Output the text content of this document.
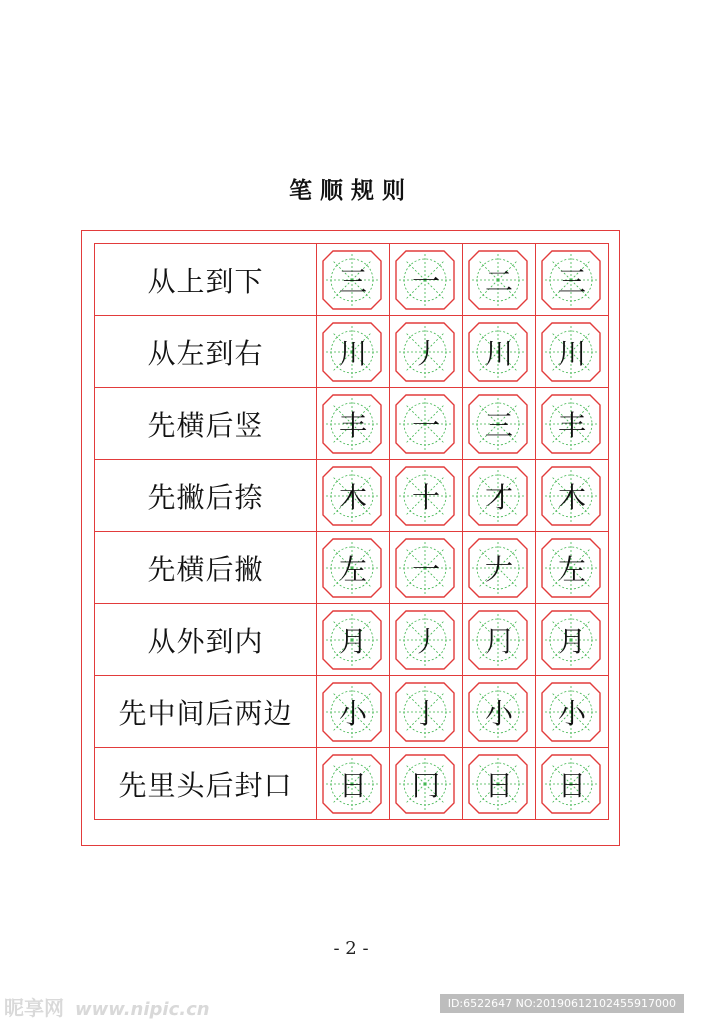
笔顺规则
从上到下	三	一	二	三

从左到右	川	丿	川	川

先横后竖	丰	一	三	丰

先撇后捺	木	十	才	木

先横后撇	左	一	𠂇	左

从外到内	月	丿	⺆	月

先中间后两边	小	亅	小	小

先里头后封口	日	冂	日	日
- 2 -
昵享网 www.nipic.cn	ID:6522647 NO:20190612102455917000
